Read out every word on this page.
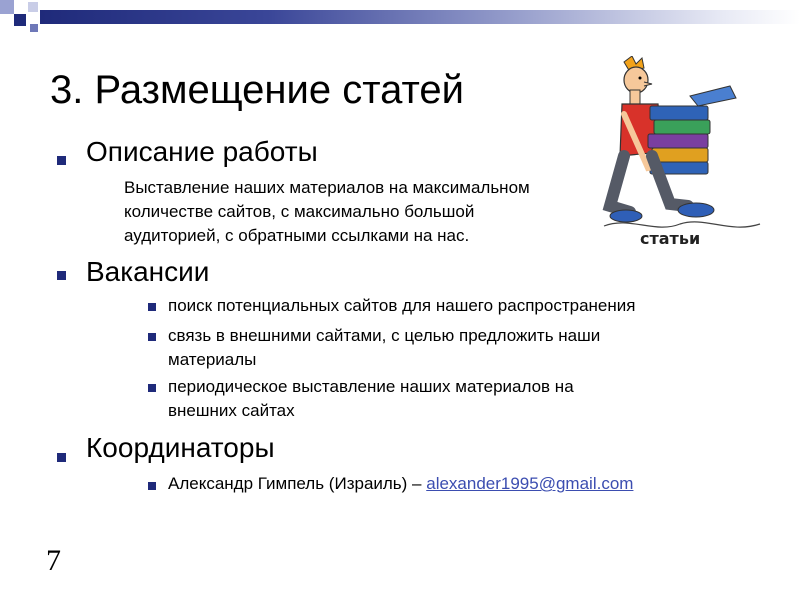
3. Размещение статей
Описание работы
Выставление наших материалов на максимальном
количестве сайтов, с максимально большой
аудиторией, с обратными ссылками на нас.
Вакансии
поиск потенциальных сайтов для нашего распространения
связь в внешними сайтами, с целью предложить наши
материалы
периодическое выставление наших материалов на
внешних сайтах
Координаторы
Александр Гимпель (Израиль) – alexander1995@gmail.com
7
статьи
